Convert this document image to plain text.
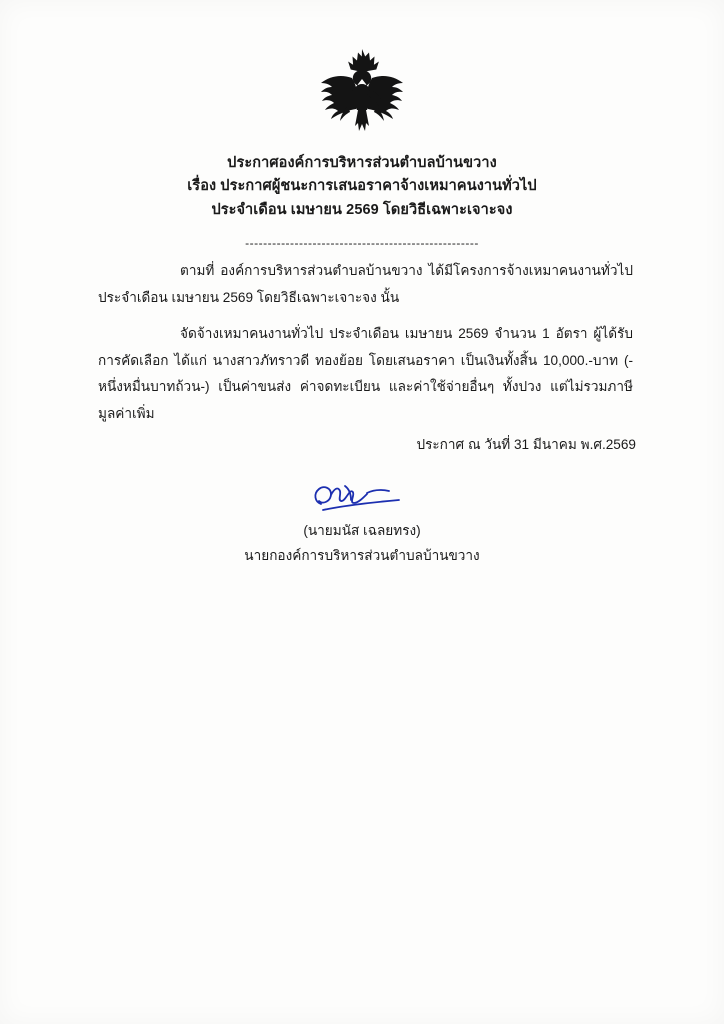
ประกาศองค์การบริหารส่วนตำบลบ้านขวาง
เรื่อง ประกาศผู้ชนะการเสนอราคาจ้างเหมาคนงานทั่วไป
ประจำเดือน เมษายน 2569 โดยวิธีเฉพาะเจาะจง
----------------------------------------------------

ตามที่ องค์การบริหารส่วนตำบลบ้านขวาง ได้มีโครงการจ้างเหมาคนงานทั่วไป ประจำเดือน เมษายน 2569 โดยวิธีเฉพาะเจาะจง นั้น

จัดจ้างเหมาคนงานทั่วไป ประจำเดือน เมษายน 2569 จำนวน 1 อัตรา ผู้ได้รับการคัดเลือก ได้แก่ นางสาวภัทราวดี ทองย้อย โดยเสนอราคา เป็นเงินทั้งสิ้น 10,000.-บาท (-หนึ่งหมื่นบาทถ้วน-) เป็นค่าขนส่ง ค่าจดทะเบียน และค่าใช้จ่ายอื่นๆ ทั้งปวง แต่ไม่รวมภาษีมูลค่าเพิ่ม

ประกาศ ณ วันที่ 31 มีนาคม พ.ศ.2569
(นายมนัส เฉลยทรง)
นายกองค์การบริหารส่วนตำบลบ้านขวาง
